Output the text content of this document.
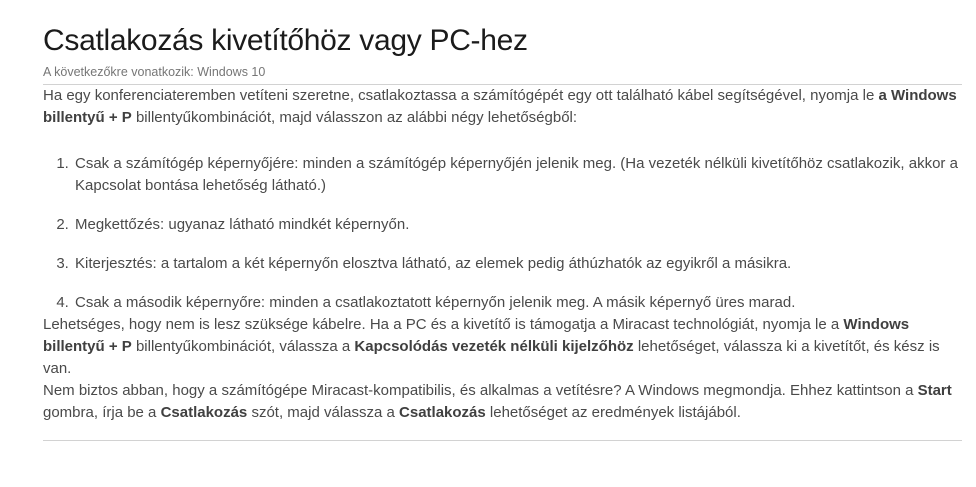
Csatlakozás kivetítőhöz vagy PC-hez
A következőkre vonatkozik: Windows 10

Ha egy konferenciateremben vetíteni szeretne, csatlakoztassa a számítógépét egy ott található kábel segítségével, nyomja le a Windows billentyű + P billentyűkombinációt, majd válasszon az alábbi négy lehetőségből:

1. Csak a számítógép képernyőjére: minden a számítógép képernyőjén jelenik meg. (Ha vezeték nélküli kivetítőhöz csatlakozik, akkor a Kapcsolat bontása lehetőség látható.)
2. Megkettőzés: ugyanaz látható mindkét képernyőn.
3. Kiterjesztés: a tartalom a két képernyőn elosztva látható, az elemek pedig áthúzhatók az egyikről a másikra.
4. Csak a második képernyőre: minden a csatlakoztatott képernyőn jelenik meg. A másik képernyő üres marad.

Lehetséges, hogy nem is lesz szüksége kábelre. Ha a PC és a kivetítő is támogatja a Miracast technológiát, nyomja le a Windows billentyű + P billentyűkombinációt, válassza a Kapcsolódás vezeték nélküli kijelzőhöz lehetőséget, válassza ki a kivetítőt, és kész is van.

Nem biztos abban, hogy a számítógépe Miracast-kompatibilis, és alkalmas a vetítésre? A Windows megmondja. Ehhez kattintson a Start gombra, írja be a Csatlakozás szót, majd válassza a Csatlakozás lehetőséget az eredmények listájából.
